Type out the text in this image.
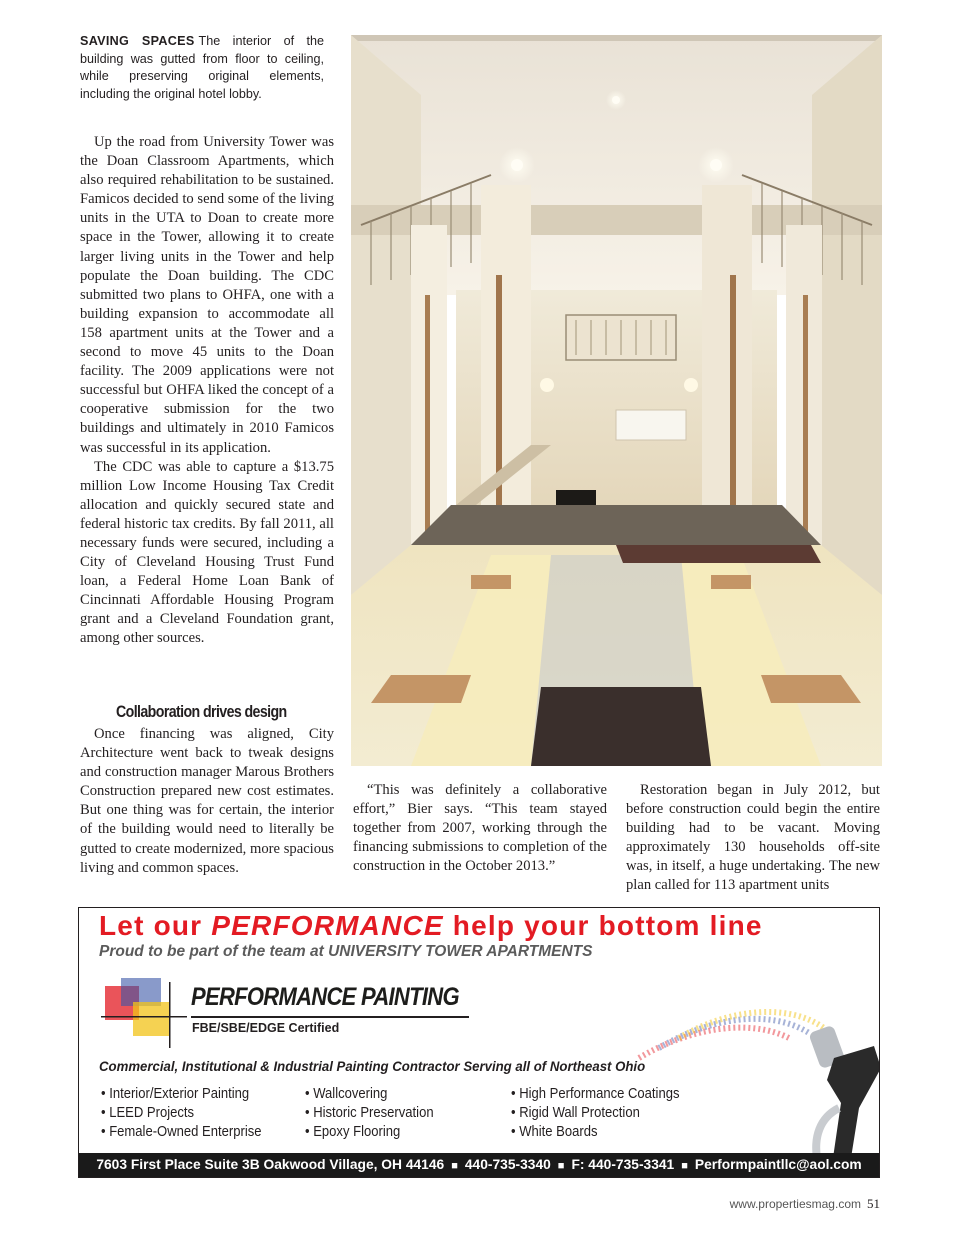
SAVING SPACES The interior of the building was gutted from floor to ceiling, while preserving original elements, including the original hotel lobby.

Up the road from University Tower was the Doan Classroom Apartments, which also required rehabilitation to be sustained. Famicos decided to send some of the living units in the UTA to Doan to create more space in the Tower, allowing it to create larger living units in the Tower and help populate the Doan building. The CDC submitted two plans to OHFA, one with a building expansion to accommodate all 158 apartment units at the Tower and a second to move 45 units to the Doan facility. The 2009 applications were not successful but OHFA liked the concept of a cooperative submission for the two buildings and ultimately in 2010 Famicos was successful in its application.

The CDC was able to capture a $13.75 million Low Income Housing Tax Credit allocation and quickly secured state and federal historic tax credits. By fall 2011, all necessary funds were secured, including a City of Cleveland Housing Trust Fund loan, a Federal Home Loan Bank of Cincinnati Affordable Housing Program grant and a Cleveland Foundation grant, among other sources.

Collaboration drives design

Once financing was aligned, City Architecture went back to tweak designs and construction manager Marous Brothers Construction prepared new cost estimates. But one thing was for certain, the interior of the building would need to literally be gutted to create modernized, more spacious living and common spaces.

“This was definitely a collaborative effort,” Bier says. “This team stayed together from 2007, working through the financing submissions to completion of the construction in the October 2013.”

Restoration began in July 2012, but before construction could begin the entire building had to be vacant. Moving approximately 130 households off-site was, in itself, a huge undertaking. The new plan called for 113 apartment units

Let our PERFORMANCE help your bottom line
Proud to be part of the team at UNIVERSITY TOWER APARTMENTS
PERFORMANCE PAINTING
FBE/SBE/EDGE Certified
Commercial, Institutional & Industrial Painting Contractor Serving all of Northeast Ohio
• Interior/Exterior Painting
• LEED Projects
• Female-Owned Enterprise
• Wallcovering
• Historic Preservation
• Epoxy Flooring
• High Performance Coatings
• Rigid Wall Protection
• White Boards
7603 First Place Suite 3B Oakwood Village, OH 44146 ■ 440-735-3340 ■ F: 440-735-3341 ■ Performpaintllc@aol.com
www.propertiesmag.com 51
